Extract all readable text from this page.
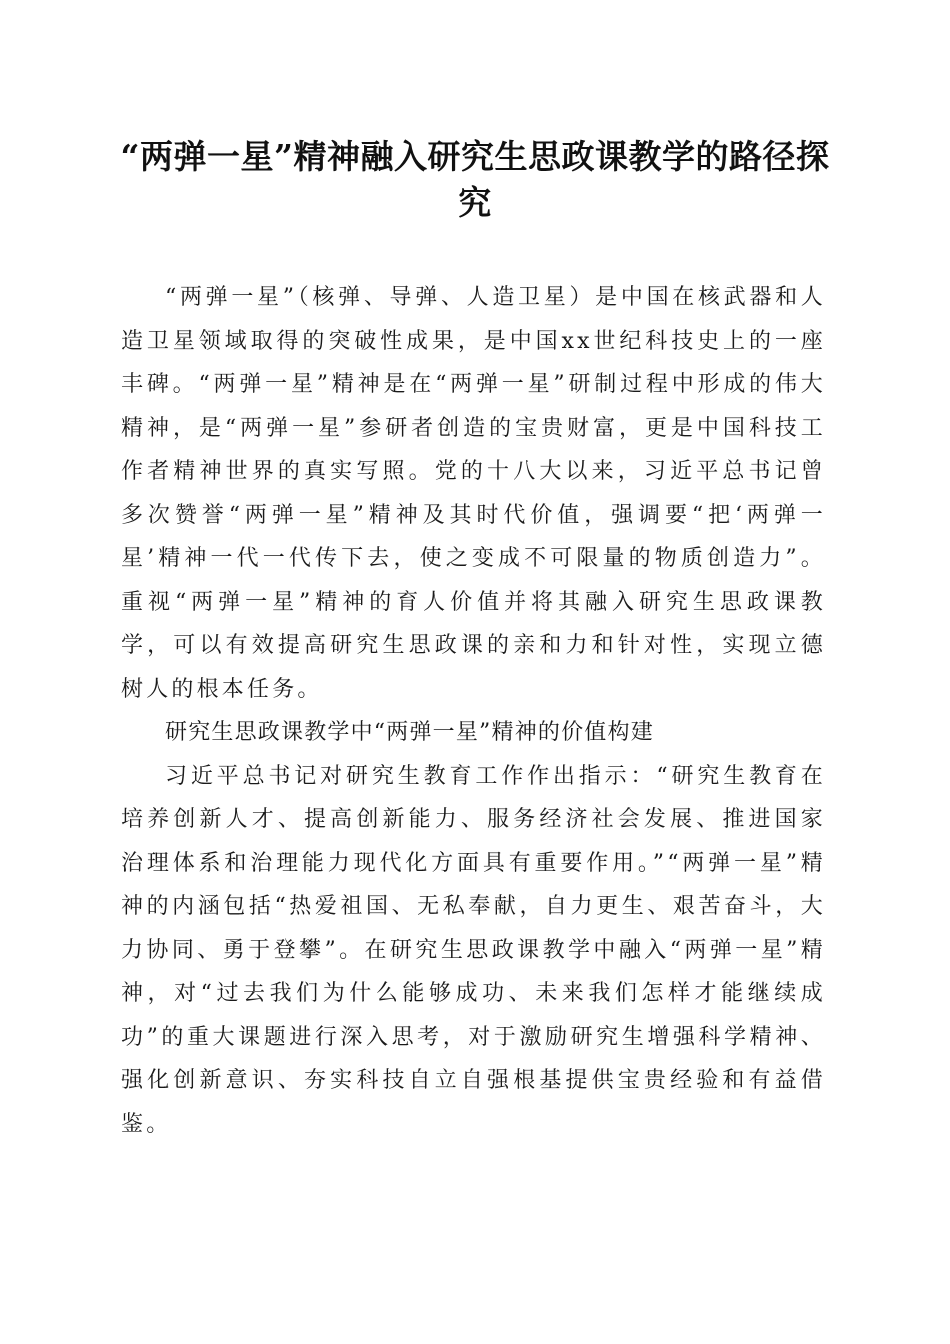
“两弹一星”精神融入研究生思政课教学的路径探究

“两弹一星”（核弹、导弹、人造卫星）是中国在核武器和人造卫星领域取得的突破性成果，是中国xx世纪科技史上的一座丰碑。“两弹一星”精神是在“两弹一星”研制过程中形成的伟大精神，是“两弹一星”参研者创造的宝贵财富，更是中国科技工作者精神世界的真实写照。党的十八大以来，习近平总书记曾多次赞誉“两弹一星”精神及其时代价值，强调要“把‘两弹一星’精神一代一代传下去，使之变成不可限量的物质创造力”。重视“两弹一星”精神的育人价值并将其融入研究生思政课教学，可以有效提高研究生思政课的亲和力和针对性，实现立德树人的根本任务。

研究生思政课教学中“两弹一星”精神的价值构建

习近平总书记对研究生教育工作作出指示：“研究生教育在培养创新人才、提高创新能力、服务经济社会发展、推进国家治理体系和治理能力现代化方面具有重要作用。”“两弹一星”精神的内涵包括“热爱祖国、无私奉献，自力更生、艰苦奋斗，大力协同、勇于登攀”。在研究生思政课教学中融入“两弹一星”精神，对“过去我们为什么能够成功、未来我们怎样才能继续成功”的重大课题进行深入思考，对于激励研究生增强科学精神、强化创新意识、夯实科技自立自强根基提供宝贵经验和有益借鉴。
